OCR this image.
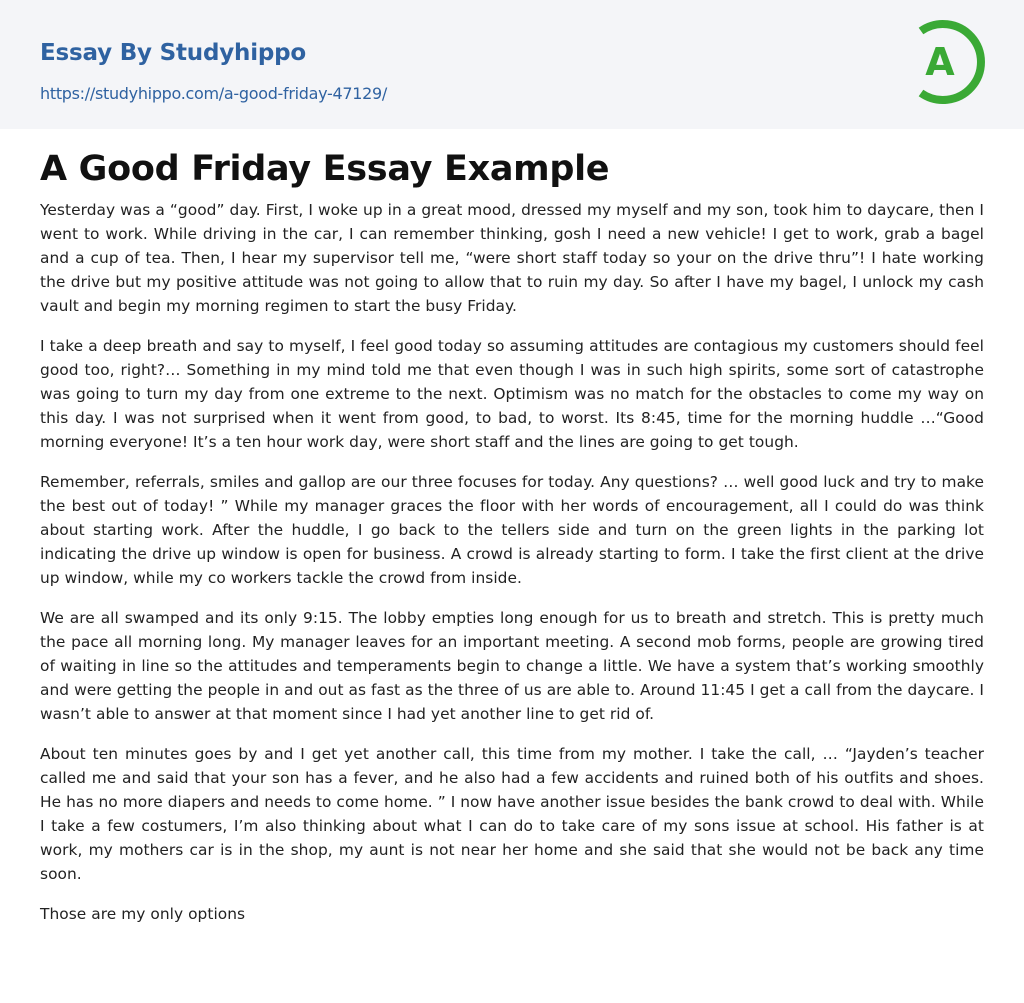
Essay By Studyhippo
https://studyhippo.com/a-good-friday-47129/
A
A Good Friday Essay Example

Yesterday was a “good” day. First, I woke up in a great mood, dressed my myself and my son, took him to daycare, then I went to work. While driving in the car, I can remember thinking, gosh I need a new vehicle! I get to work, grab a bagel and a cup of tea. Then, I hear my supervisor tell me, “were short staff today so your on the drive thru”! I hate working the drive but my positive attitude was not going to allow that to ruin my day. So after I have my bagel, I unlock my cash vault and begin my morning regimen to start the busy Friday.

I take a deep breath and say to myself, I feel good today so assuming attitudes are contagious my customers should feel good too, right?… Something in my mind told me that even though I was in such high spirits, some sort of catastrophe was going to turn my day from one extreme to the next. Optimism was no match for the obstacles to come my way on this day. I was not surprised when it went from good, to bad, to worst. Its 8:45, time for the morning huddle …“Good morning everyone! It’s a ten hour work day, were short staff and the lines are going to get tough.

Remember, referrals, smiles and gallop are our three focuses for today. Any questions? … well good luck and try to make the best out of today! ” While my manager graces the floor with her words of encouragement, all I could do was think about starting work. After the huddle, I go back to the tellers side and turn on the green lights in the parking lot indicating the drive up window is open for business. A crowd is already starting to form. I take the first client at the drive up window, while my co workers tackle the crowd from inside.

We are all swamped and its only 9:15. The lobby empties long enough for us to breath and stretch. This is pretty much the pace all morning long. My manager leaves for an important meeting. A second mob forms, people are growing tired of waiting in line so the attitudes and temperaments begin to change a little. We have a system that’s working smoothly and were getting the people in and out as fast as the three of us are able to. Around 11:45 I get a call from the daycare. I wasn’t able to answer at that moment since I had yet another line to get rid of.

About ten minutes goes by and I get yet another call, this time from my mother. I take the call, … “Jayden’s teacher called me and said that your son has a fever, and he also had a few accidents and ruined both of his outfits and shoes. He has no more diapers and needs to come home. ” I now have another issue besides the bank crowd to deal with. While I take a few costumers, I’m also thinking about what I can do to take care of my sons issue at school. His father is at work, my mothers car is in the shop, my aunt is not near her home and she said that she would not be back any time soon.

Those are my only options
